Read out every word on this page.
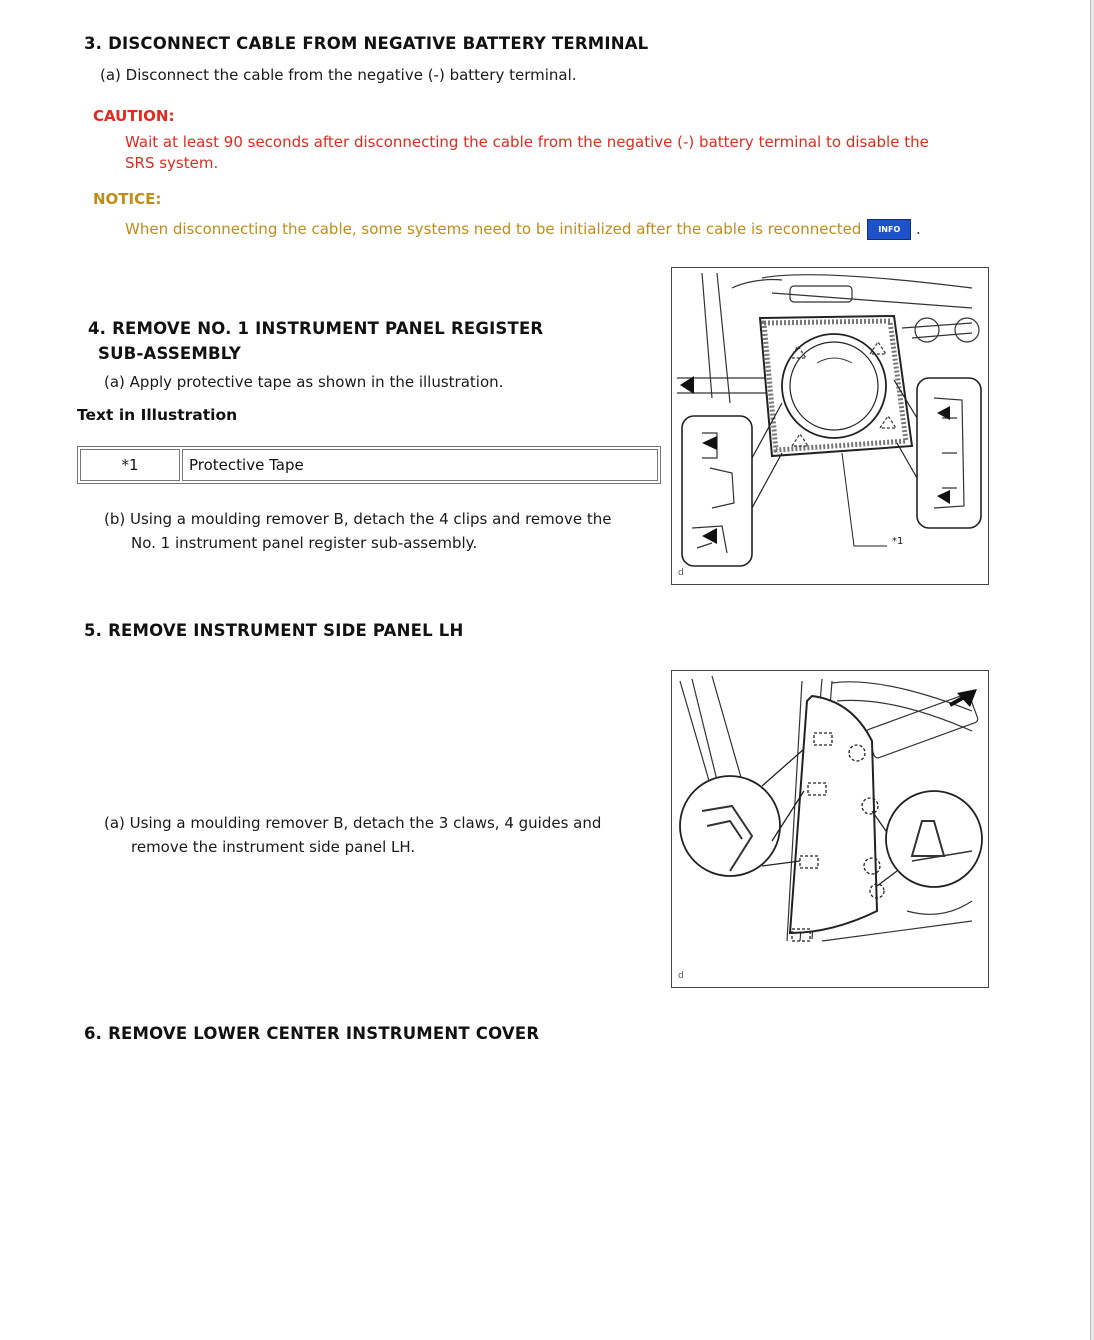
3. DISCONNECT CABLE FROM NEGATIVE BATTERY TERMINAL
(a) Disconnect the cable from the negative (-) battery terminal.
CAUTION:
Wait at least 90 seconds after disconnecting the cable from the negative (-) battery terminal to disable the
SRS system.
NOTICE:
When disconnecting the cable, some systems need to be initialized after the cable is reconnected INFO .
4. REMOVE NO. 1 INSTRUMENT PANEL REGISTER
SUB-ASSEMBLY
(a) Apply protective tape as shown in the illustration.
Text in Illustration
*1	Protective Tape
(b) Using a moulding remover B, detach the 4 clips and remove the
No. 1 instrument panel register sub-assembly.	*1
d
5. REMOVE INSTRUMENT SIDE PANEL LH
(a) Using a moulding remover B, detach the 3 claws, 4 guides and
remove the instrument side panel LH.
d
6. REMOVE LOWER CENTER INSTRUMENT COVER
